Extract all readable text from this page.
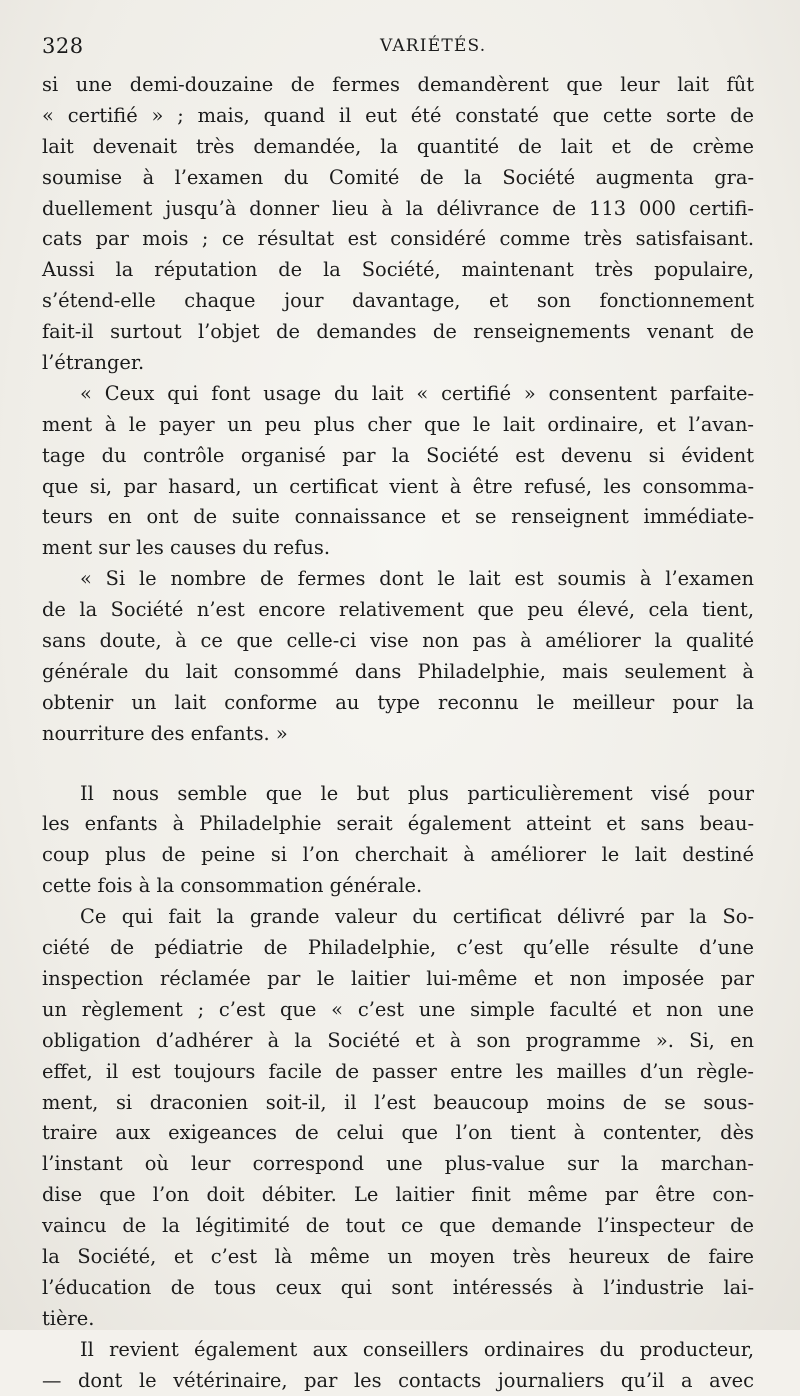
328	VARIÉTÉS.
si une demi-douzaine de fermes demandèrent que leur lait fût
« certifié » ; mais, quand il eut été constaté que cette sorte de
lait devenait très demandée, la quantité de lait et de crème
soumise à l’examen du Comité de la Société augmenta gra-
duellement jusqu’à donner lieu à la délivrance de 113 000 certifi-
cats par mois ; ce résultat est considéré comme très satisfaisant.
Aussi la réputation de la Société, maintenant très populaire,
s’étend-elle chaque jour davantage, et son fonctionnement
fait-il surtout l’objet de demandes de renseignements venant de
l’étranger.
« Ceux qui font usage du lait « certifié » consentent parfaite-
ment à le payer un peu plus cher que le lait ordinaire, et l’avan-
tage du contrôle organisé par la Société est devenu si évident
que si, par hasard, un certificat vient à être refusé, les consomma-
teurs en ont de suite connaissance et se renseignent immédiate-
ment sur les causes du refus.
« Si le nombre de fermes dont le lait est soumis à l’examen
de la Société n’est encore relativement que peu élevé, cela tient,
sans doute, à ce que celle-ci vise non pas à améliorer la qualité
générale du lait consommé dans Philadelphie, mais seulement à
obtenir un lait conforme au type reconnu le meilleur pour la
nourriture des enfants. »
Il nous semble que le but plus particulièrement visé pour
les enfants à Philadelphie serait également atteint et sans beau-
coup plus de peine si l’on cherchait à améliorer le lait destiné
cette fois à la consommation générale.
Ce qui fait la grande valeur du certificat délivré par la So-
ciété de pédiatrie de Philadelphie, c’est qu’elle résulte d’une
inspection réclamée par le laitier lui-même et non imposée par
un règlement ; c’est que « c’est une simple faculté et non une
obligation d’adhérer à la Société et à son programme ». Si, en
effet, il est toujours facile de passer entre les mailles d’un règle-
ment, si draconien soit-il, il l’est beaucoup moins de se sous-
traire aux exigeances de celui que l’on tient à contenter, dès
l’instant où leur correspond une plus-value sur la marchan-
dise que l’on doit débiter. Le laitier finit même par être con-
vaincu de la légitimité de tout ce que demande l’inspecteur de
la Société, et c’est là même un moyen très heureux de faire
l’éducation de tous ceux qui sont intéressés à l’industrie lai-
tière.
Il revient également aux conseillers ordinaires du producteur,
— dont le vétérinaire, par les contacts journaliers qu’il a avec
